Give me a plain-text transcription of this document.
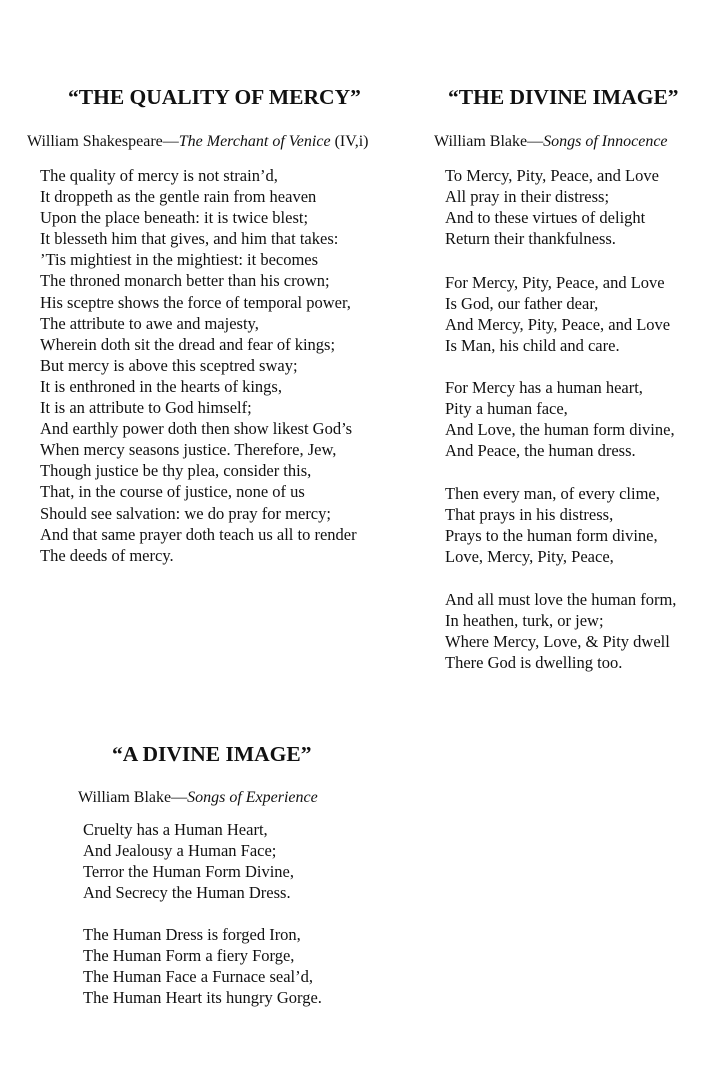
“THE QUALITY OF MERCY”

William Shakespeare—The Merchant of Venice (IV,i)

The quality of mercy is not strain’d,
It droppeth as the gentle rain from heaven
Upon the place beneath: it is twice blest;
It blesseth him that gives, and him that takes:
’Tis mightiest in the mightiest: it becomes
The throned monarch better than his crown;
His sceptre shows the force of temporal power,
The attribute to awe and majesty,
Wherein doth sit the dread and fear of kings;
But mercy is above this sceptred sway;
It is enthroned in the hearts of kings,
It is an attribute to God himself;
And earthly power doth then show likest God’s
When mercy seasons justice. Therefore, Jew,
Though justice be thy plea, consider this,
That, in the course of justice, none of us
Should see salvation: we do pray for mercy;
And that same prayer doth teach us all to render
The deeds of mercy.
“THE DIVINE IMAGE”

William Blake—Songs of Innocence

To Mercy, Pity, Peace, and Love
All pray in their distress;
And to these virtues of delight
Return their thankfulness.
For Mercy, Pity, Peace, and Love
Is God, our father dear,
And Mercy, Pity, Peace, and Love
Is Man, his child and care.
For Mercy has a human heart,
Pity a human face,
And Love, the human form divine,
And Peace, the human dress.
Then every man, of every clime,
That prays in his distress,
Prays to the human form divine,
Love, Mercy, Pity, Peace,
And all must love the human form,
In heathen, turk, or jew;
Where Mercy, Love, & Pity dwell
There God is dwelling too.
“A DIVINE IMAGE”

William Blake—Songs of Experience

Cruelty has a Human Heart,
And Jealousy a Human Face;
Terror the Human Form Divine,
And Secrecy the Human Dress.
The Human Dress is forged Iron,
The Human Form a fiery Forge,
The Human Face a Furnace seal’d,
The Human Heart its hungry Gorge.
